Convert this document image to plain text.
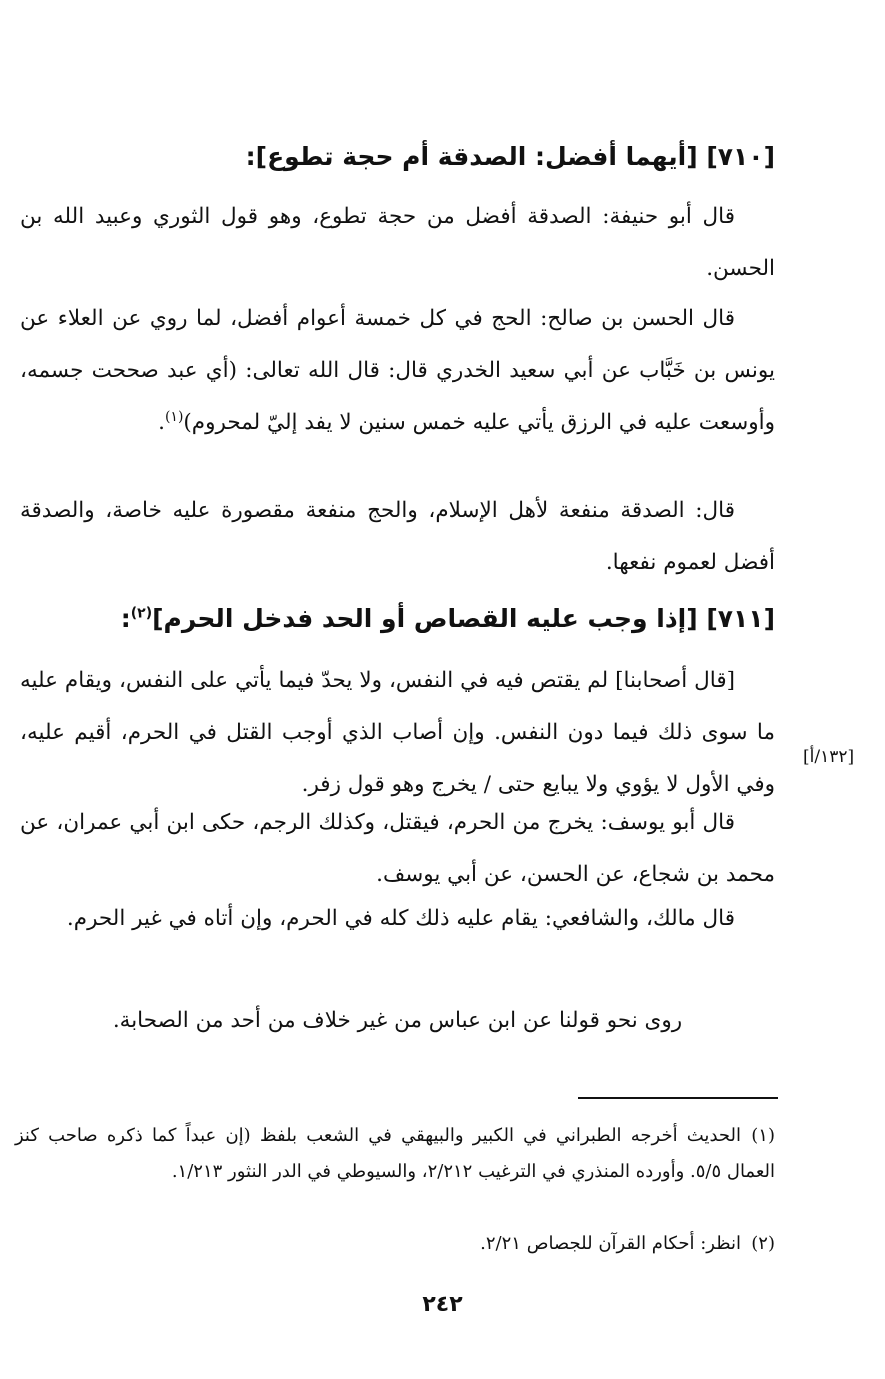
[٧١٠] [أيهما أفضل: الصدقة أم حجة تطوع]:
قال أبو حنيفة: الصدقة أفضل من حجة تطوع، وهو قول الثوري وعبيد الله بن الحسن.
قال الحسن بن صالح: الحج في كل خمسة أعوام أفضل، لما روي عن العلاء عن يونس بن خَبَّاب عن أبي سعيد الخدري قال: قال الله تعالى: (أي عبد صححت جسمه، وأوسعت عليه في الرزق يأتي عليه خمس سنين لا يفد إليّ لمحروم)$^{(١)}$.
قال: الصدقة منفعة لأهل الإسلام، والحج منفعة مقصورة عليه خاصة، والصدقة أفضل لعموم نفعها.
[٧١١] [إذا وجب عليه القصاص أو الحد فدخل الحرم]$^{(٢)}$:
[قال أصحابنا] لم يقتص فيه في النفس، ولا يحدّ فيما يأتي على النفس، ويقام عليه ما سوى ذلك فيما دون النفس. وإن أصاب الذي أوجب القتل في الحرم، أقيم عليه، وفي الأول لا يؤوي ولا يبايع حتى / يخرج وهو قول زفر.
[١٣٢/أ]
قال أبو يوسف: يخرج من الحرم، فيقتل، وكذلك الرجم، حكى ابن أبي عمران، عن محمد بن شجاع، عن الحسن، عن أبي يوسف.
قال مالك، والشافعي: يقام عليه ذلك كله في الحرم، وإن أتاه في غير الحرم.
روى نحو قولنا عن ابن عباس من غير خلاف من أحد من الصحابة.
(١)الحديث أخرجه الطبراني في الكبير والبيهقي في الشعب بلفظ (إن عبداً كما ذكره صاحب كنز العمال ٥/٥. وأورده المنذري في الترغيب ٢/٢١٢، والسيوطي في الدر النثور ١/٢١٣.
(٢)انظر: أحكام القرآن للجصاص ٢/٢١.
٢٤٢
